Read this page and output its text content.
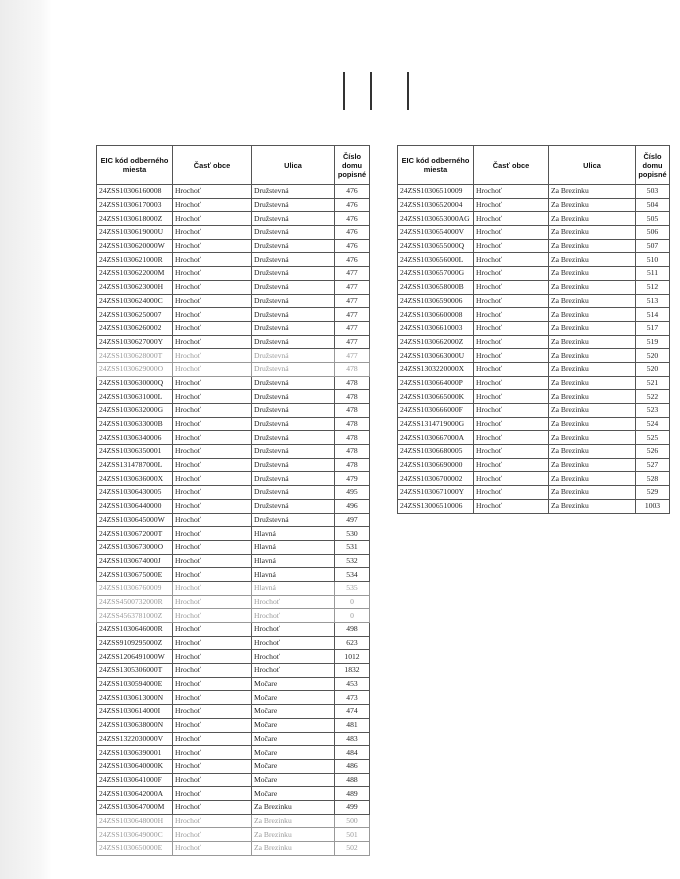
EIC kód odberného miesta	Časť obce	Ulica	Číslo domu popisné
24ZSS10306160008	Hrochoť	Družstevná	476
24ZSS10306170003	Hrochoť	Družstevná	476
24ZSS1030618000Z	Hrochoť	Družstevná	476
24ZSS1030619000U	Hrochoť	Družstevná	476
24ZSS1030620000W	Hrochoť	Družstevná	476
24ZSS1030621000R	Hrochoť	Družstevná	476
24ZSS1030622000M	Hrochoť	Družstevná	477
24ZSS1030623000H	Hrochoť	Družstevná	477
24ZSS1030624000C	Hrochoť	Družstevná	477
24ZSS10306250007	Hrochoť	Družstevná	477
24ZSS10306260002	Hrochoť	Družstevná	477
24ZSS1030627000Y	Hrochoť	Družstevná	477
24ZSS1030628000T	Hrochoť	Družstevná	477
24ZSS1030629000O	Hrochoť	Družstevná	478
24ZSS1030630000Q	Hrochoť	Družstevná	478
24ZSS1030631000L	Hrochoť	Družstevná	478
24ZSS1030632000G	Hrochoť	Družstevná	478
24ZSS1030633000B	Hrochoť	Družstevná	478
24ZSS10306340006	Hrochoť	Družstevná	478
24ZSS10306350001	Hrochoť	Družstevná	478
24ZSS1314787000L	Hrochoť	Družstevná	478
24ZSS1030636000X	Hrochoť	Družstevná	479
24ZSS10306430005	Hrochoť	Družstevná	495
24ZSS10306440000	Hrochoť	Družstevná	496
24ZSS1030645000W	Hrochoť	Družstevná	497
24ZSS1030672000T	Hrochoť	Hlavná	530
24ZSS1030673000O	Hrochoť	Hlavná	531
24ZSS1030674000J	Hrochoť	Hlavná	532
24ZSS1030675000E	Hrochoť	Hlavná	534
24ZSS10306760009	Hrochoť	Hlavná	535
24ZSS4500732000R	Hrochoť	Hrochoť	0
24ZSS4563781000Z	Hrochoť	Hrochoť	0
24ZSS1030646000R	Hrochoť	Hrochoť	498
24ZSS9109295000Z	Hrochoť	Hrochoť	623
24ZSS1206491000W	Hrochoť	Hrochoť	1012
24ZSS1305306000T	Hrochoť	Hrochoť	1832
24ZSS1030594000E	Hrochoť	Močare	453
24ZSS1030613000N	Hrochoť	Močare	473
24ZSS1030614000I	Hrochoť	Močare	474
24ZSS1030638000N	Hrochoť	Močare	481
24ZSS1322030000V	Hrochoť	Močare	483
24ZSS10306390001	Hrochoť	Močare	484
24ZSS1030640000K	Hrochoť	Močare	486
24ZSS1030641000F	Hrochoť	Močare	488
24ZSS1030642000A	Hrochoť	Močare	489
24ZSS1030647000M	Hrochoť	Za Brezinku	499
24ZSS1030648000H	Hrochoť	Za Brezinku	500
24ZSS1030649000C	Hrochoť	Za Brezinku	501
24ZSS1030650000E	Hrochoť	Za Brezinku	502
EIC kód odberného miesta	Časť obce	Ulica	Číslo domu popisné
24ZSS10306510009	Hrochoť	Za Brezinku	503
24ZSS10306520004	Hrochoť	Za Brezinku	504
24ZSS1030653000AG	Hrochoť	Za Brezinku	505
24ZSS1030654000V	Hrochoť	Za Brezinku	506
24ZSS1030655000Q	Hrochoť	Za Brezinku	507
24ZSS1030656000L	Hrochoť	Za Brezinku	510
24ZSS1030657000G	Hrochoť	Za Brezinku	511
24ZSS1030658000B	Hrochoť	Za Brezinku	512
24ZSS10306590006	Hrochoť	Za Brezinku	513
24ZSS10306600008	Hrochoť	Za Brezinku	514
24ZSS10306610003	Hrochoť	Za Brezinku	517
24ZSS1030662000Z	Hrochoť	Za Brezinku	519
24ZSS1030663000U	Hrochoť	Za Brezinku	520
24ZSS1303220000X	Hrochoť	Za Brezinku	520
24ZSS1030664000P	Hrochoť	Za Brezinku	521
24ZSS1030665000K	Hrochoť	Za Brezinku	522
24ZSS1030666000F	Hrochoť	Za Brezinku	523
24ZSS1314719000G	Hrochoť	Za Brezinku	524
24ZSS1030667000A	Hrochoť	Za Brezinku	525
24ZSS10306680005	Hrochoť	Za Brezinku	526
24ZSS10306690000	Hrochoť	Za Brezinku	527
24ZSS10306700002	Hrochoť	Za Brezinku	528
24ZSS1030671000Y	Hrochoť	Za Brezinku	529
24ZSS13006510006	Hrochoť	Za Brezinku	1003
